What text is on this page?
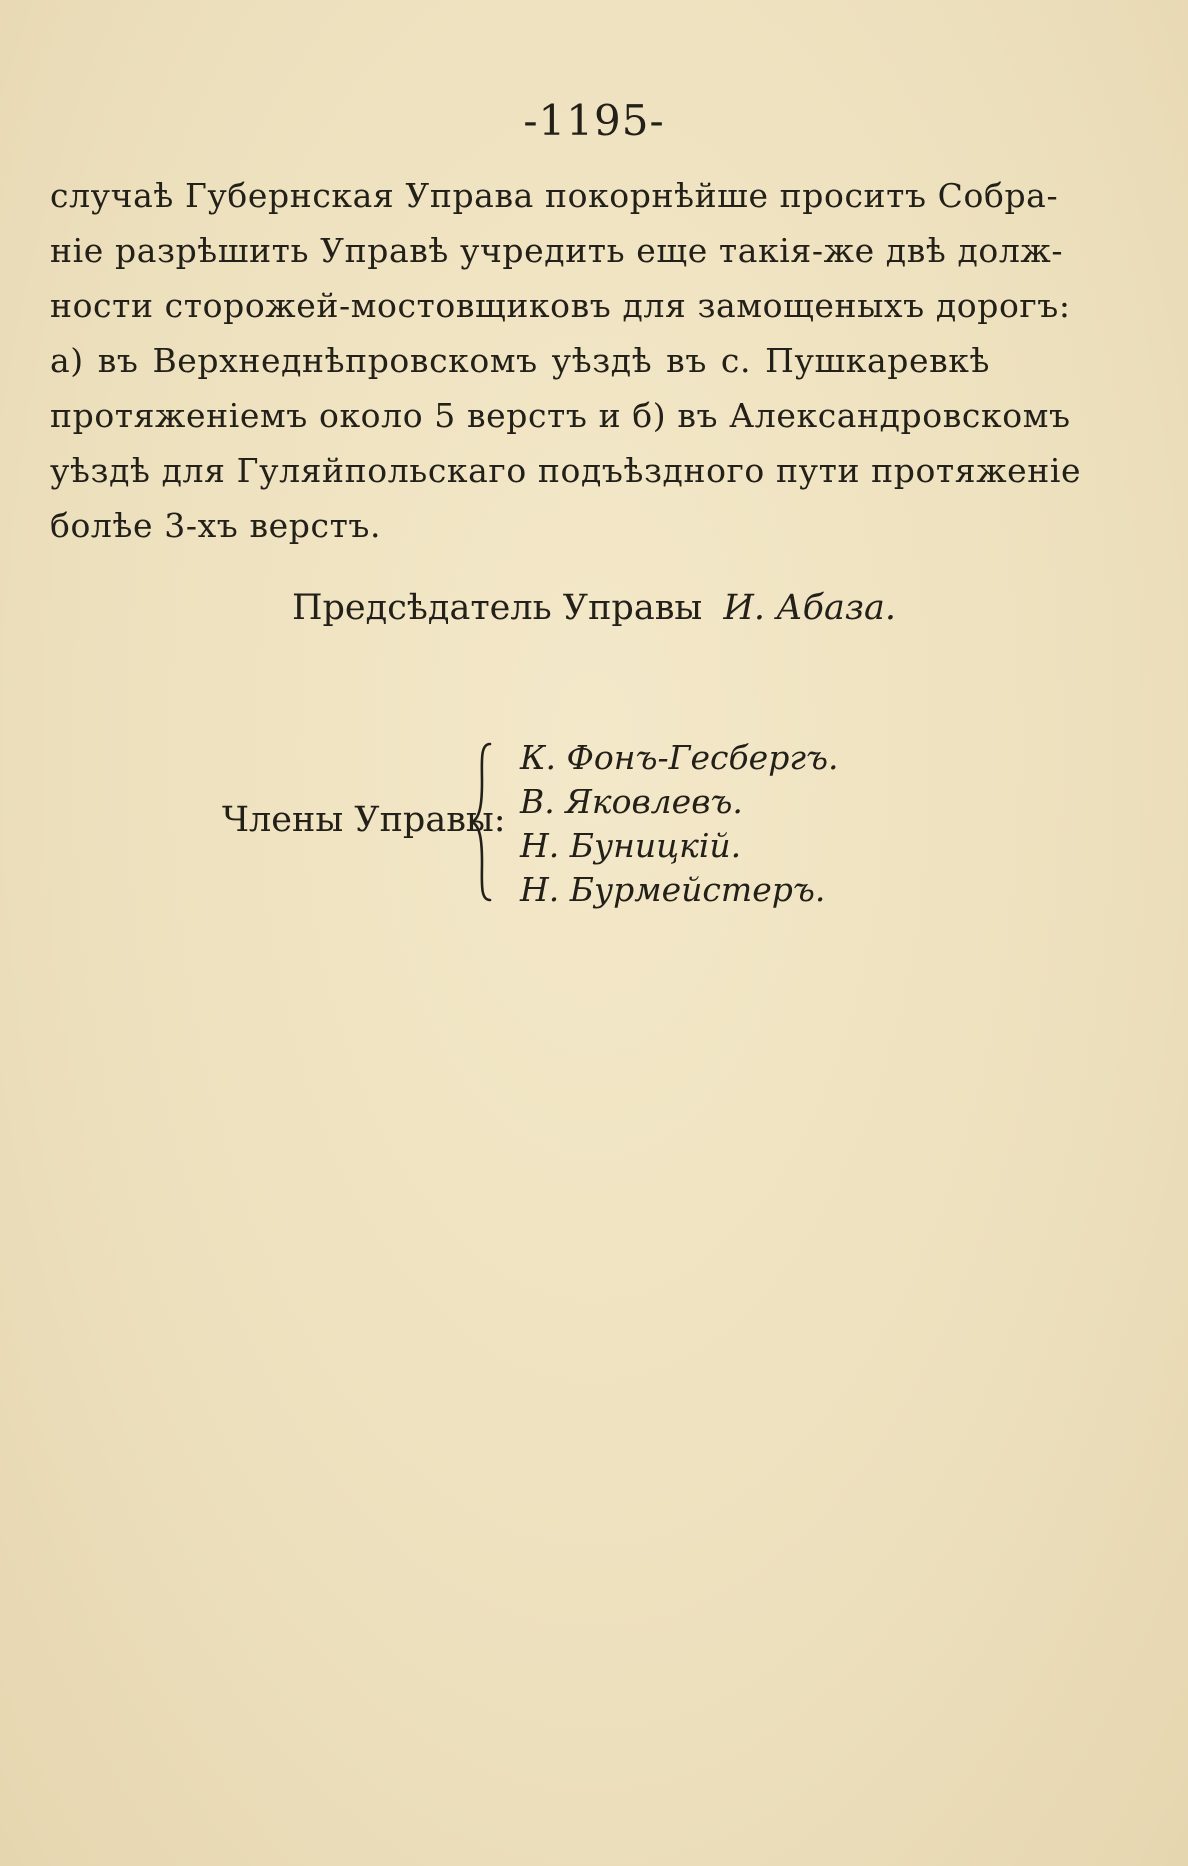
-1195-
случаѣ Губернская Управа покорнѣйше проситъ Собра-
ніе разрѣшить Управѣ учредить еще такія-же двѣ долж-
ности сторожей-мостовщиковъ для замощеныхъ дорогъ:
а) въ Верхнеднѣпровскомъ уѣздѣ въ с. Пушкаревкѣ
протяженіемъ около 5 верстъ и б) въ Александровскомъ
уѣздѣ для Гуляйпольскаго подъѣздного пути протяженіе
болѣе 3-хъ верстъ.
Предсѣдатель Управы И. Абаза.
Члены Управы:
К. Фонъ-Гесбергъ.
В. Яковлевъ.
Н. Буницкій.
Н. Бурмейстеръ.
